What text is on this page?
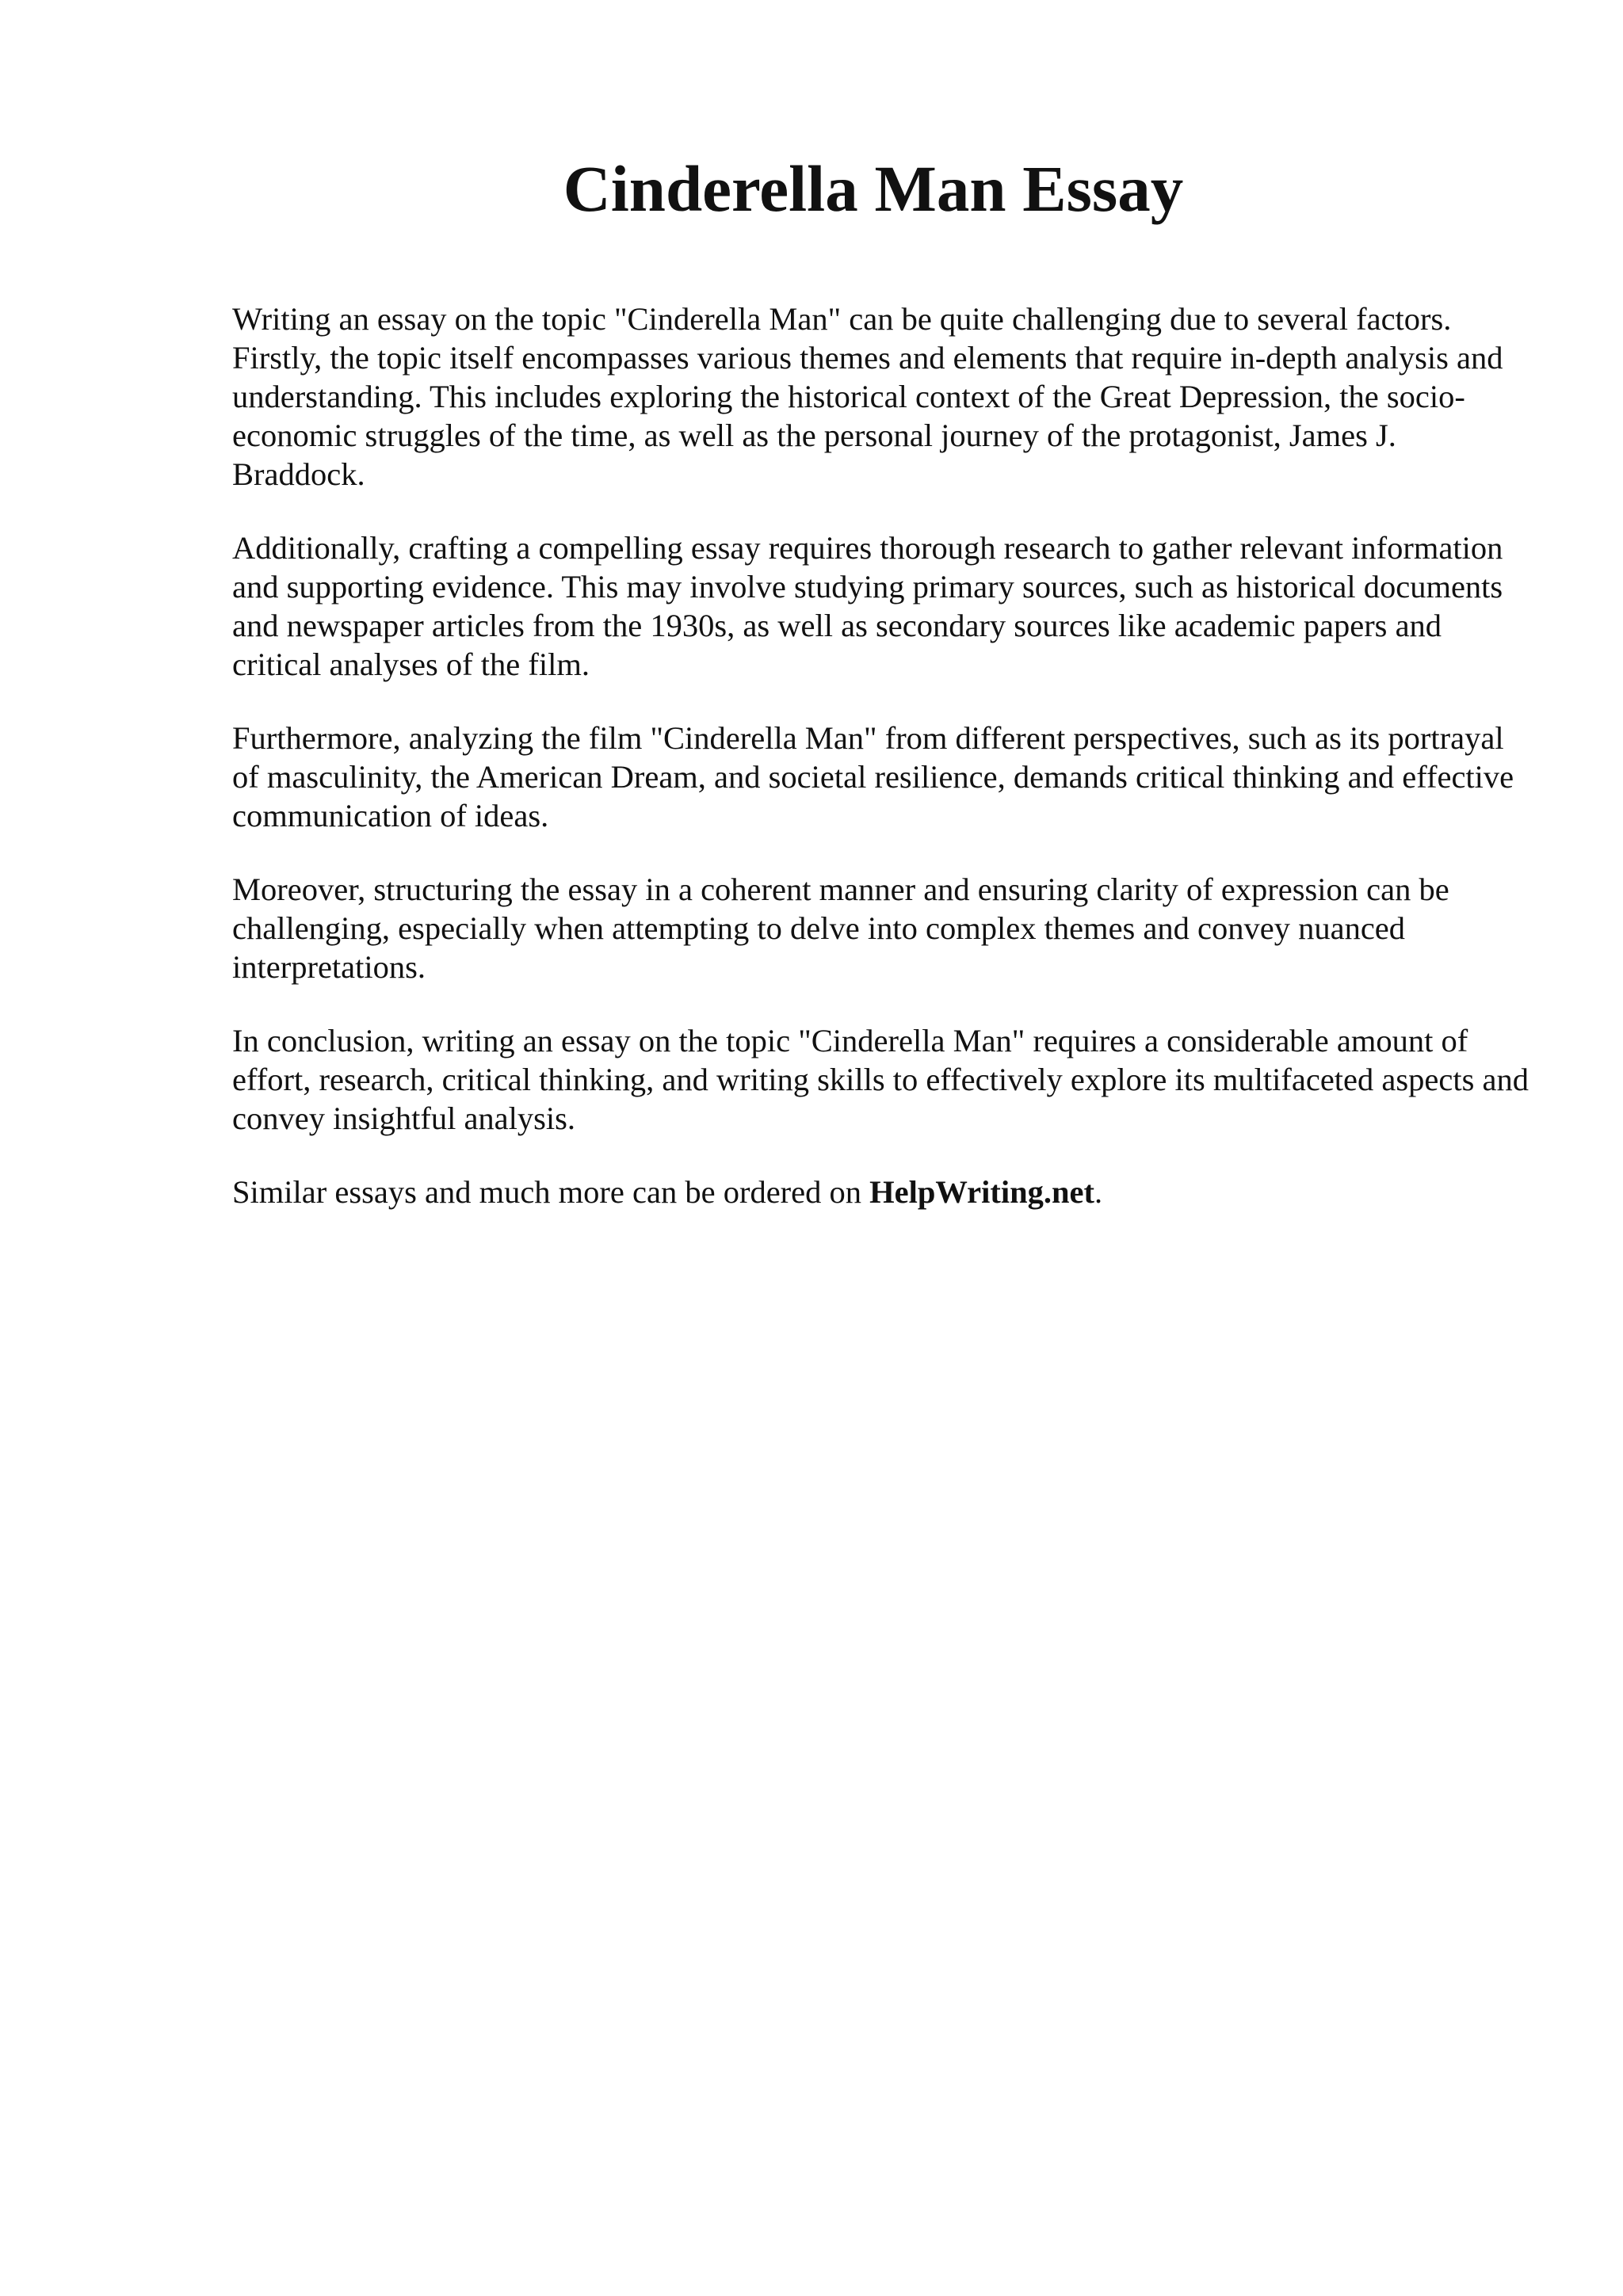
Cinderella Man Essay

Writing an essay on the topic "Cinderella Man" can be quite challenging due to several factors. Firstly, the topic itself encompasses various themes and elements that require in-depth analysis and understanding. This includes exploring the historical context of the Great Depression, the socio-economic struggles of the time, as well as the personal journey of the protagonist, James J. Braddock.

Additionally, crafting a compelling essay requires thorough research to gather relevant information and supporting evidence. This may involve studying primary sources, such as historical documents and newspaper articles from the 1930s, as well as secondary sources like academic papers and critical analyses of the film.

Furthermore, analyzing the film "Cinderella Man" from different perspectives, such as its portrayal of masculinity, the American Dream, and societal resilience, demands critical thinking and effective communication of ideas.

Moreover, structuring the essay in a coherent manner and ensuring clarity of expression can be challenging, especially when attempting to delve into complex themes and convey nuanced interpretations.

In conclusion, writing an essay on the topic "Cinderella Man" requires a considerable amount of effort, research, critical thinking, and writing skills to effectively explore its multifaceted aspects and convey insightful analysis.

Similar essays and much more can be ordered on HelpWriting.net.
